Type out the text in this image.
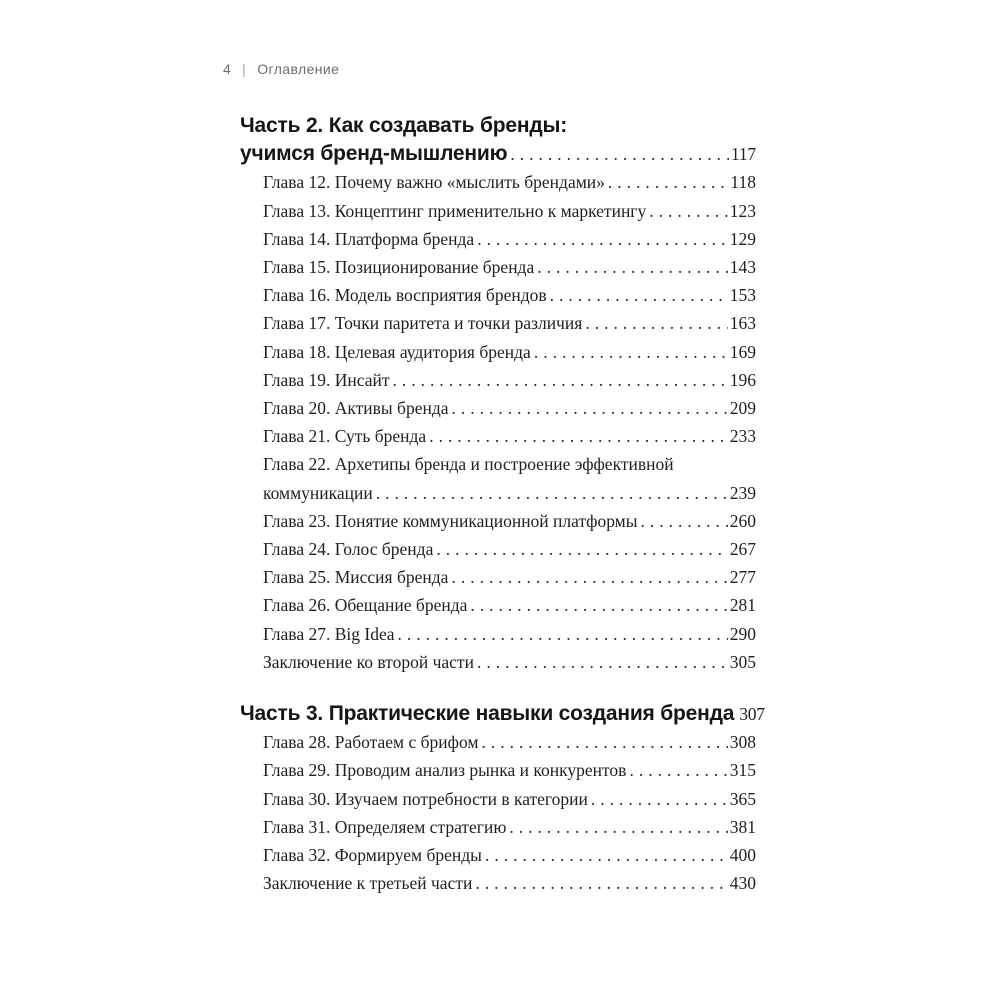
4 | Оглавление
Часть 2. Как создавать бренды:
учимся бренд-мышлению .....	117
Глава 12. Почему важно «мыслить брендами» .....	118
Глава 13. Концептинг применительно к маркетингу .....	123
Глава 14. Платформа бренда .....	129
Глава 15. Позиционирование бренда .....	143
Глава 16. Модель восприятия брендов .....	153
Глава 17. Точки паритета и точки различия .....	163
Глава 18. Целевая аудитория бренда .....	169
Глава 19. Инсайт .....	196
Глава 20. Активы бренда .....	209
Глава 21. Суть бренда .....	233
Глава 22. Архетипы бренда и построение эффективной
коммуникации .....	239
Глава 23. Понятие коммуникационной платформы .....	260
Глава 24. Голос бренда .....	267
Глава 25. Миссия бренда .....	277
Глава 26. Обещание бренда .....	281
Глава 27. Big Idea .....	290
Заключение ко второй части .....	305
Часть 3. Практические навыки создания бренда 307
Глава 28. Работаем с брифом .....	308
Глава 29. Проводим анализ рынка и конкурентов .....	315
Глава 30. Изучаем потребности в категории .....	365
Глава 31. Определяем стратегию .....	381
Глава 32. Формируем бренды .....	400
Заключение к третьей части .....	430
